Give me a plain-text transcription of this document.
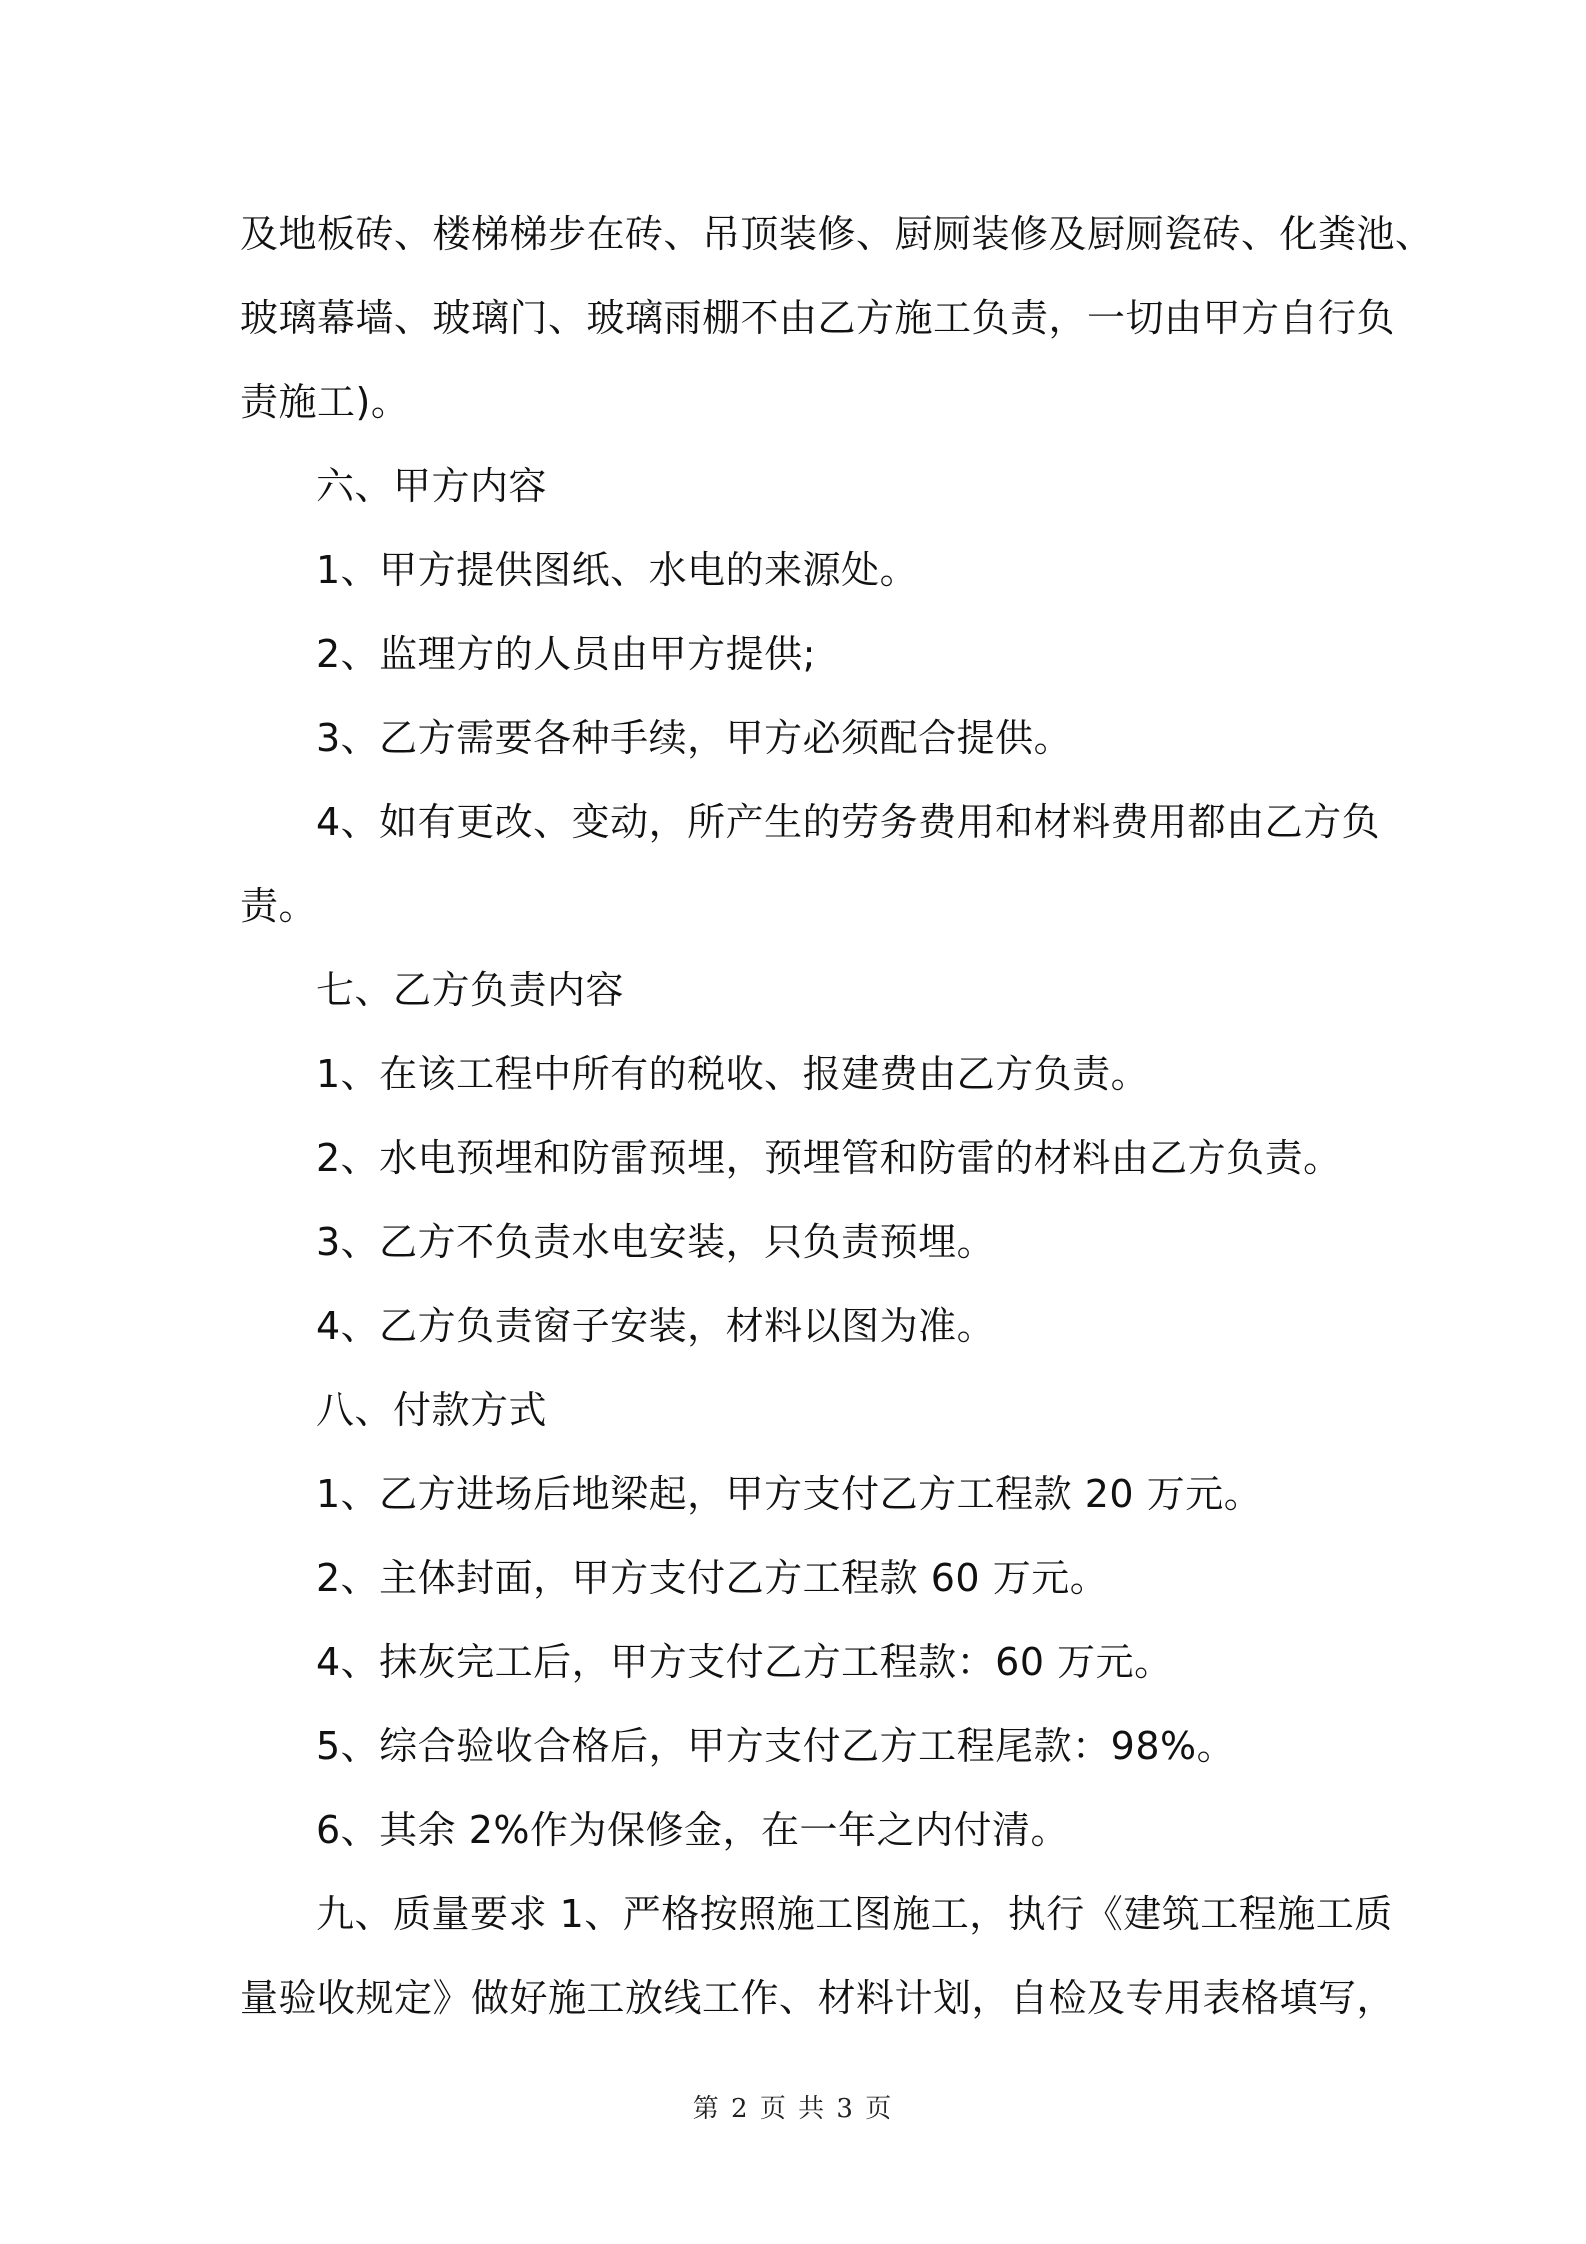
及地板砖、楼梯梯步在砖、吊顶装修、厨厕装修及厨厕瓷砖、化粪池、
玻璃幕墙、玻璃门、玻璃雨棚不由乙方施工负责，一切由甲方自行负
责施工)。
六、甲方内容
1、甲方提供图纸、水电的来源处。
2、监理方的人员由甲方提供;
3、乙方需要各种手续，甲方必须配合提供。
4、如有更改、变动，所产生的劳务费用和材料费用都由乙方负
责。
七、乙方负责内容
1、在该工程中所有的税收、报建费由乙方负责。
2、水电预埋和防雷预埋，预埋管和防雷的材料由乙方负责。
3、乙方不负责水电安装，只负责预埋。
4、乙方负责窗子安装，材料以图为准。
八、付款方式
1、乙方进场后地梁起，甲方支付乙方工程款 20 万元。
2、主体封面，甲方支付乙方工程款 60 万元。
4、抹灰完工后，甲方支付乙方工程款：60 万元。
5、综合验收合格后，甲方支付乙方工程尾款：98%。
6、其余 2%作为保修金，在一年之内付清。
九、质量要求 1、严格按照施工图施工，执行《建筑工程施工质
量验收规定》做好施工放线工作、材料计划，自检及专用表格填写，
第 2 页 共 3 页
